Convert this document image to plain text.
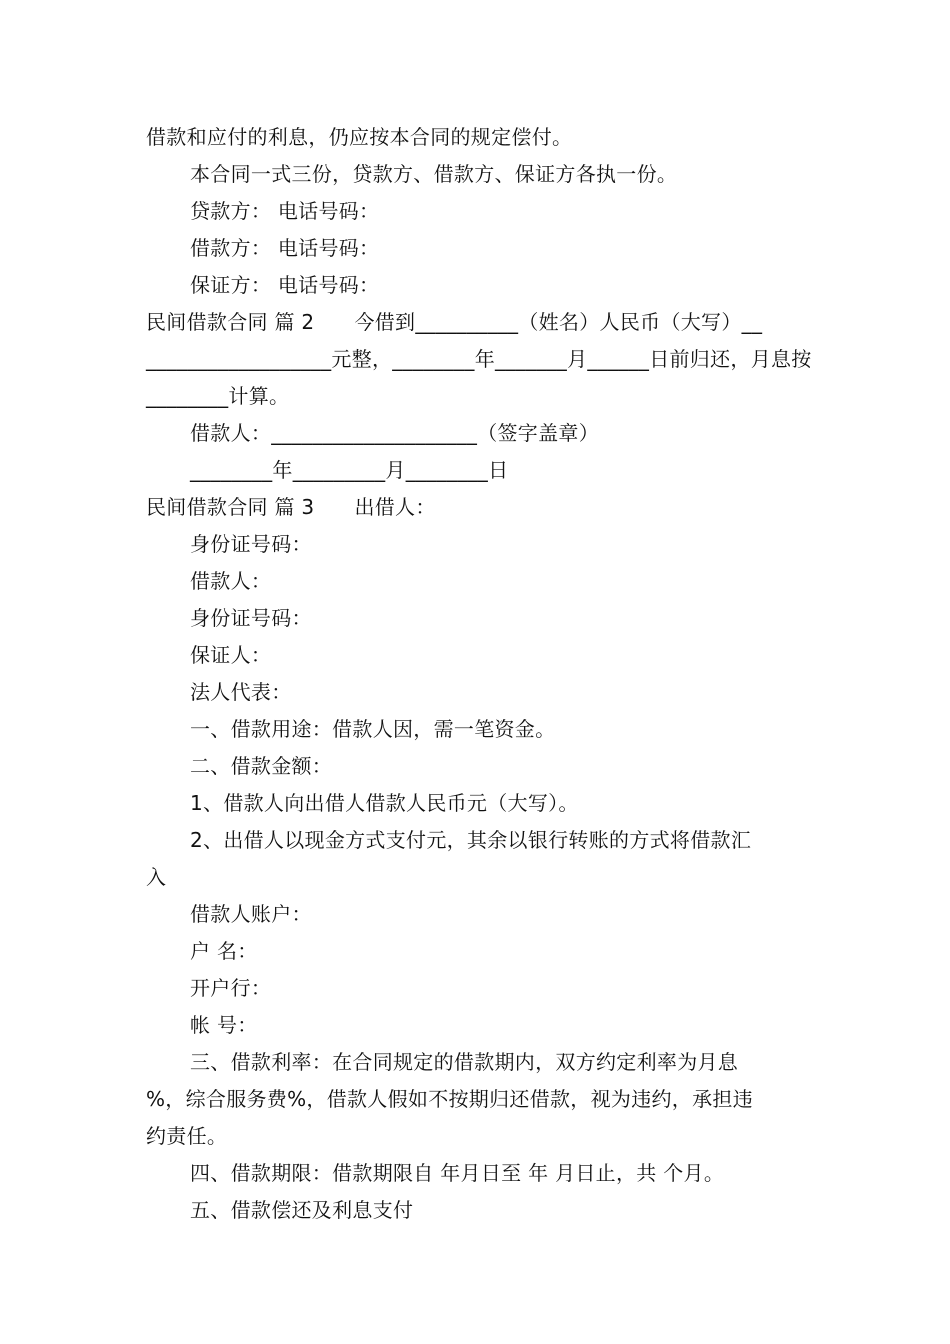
借款和应付的利息，仍应按本合同的规定偿付。
本合同一式三份，贷款方、借款方、保证方各执一份。
贷款方： 电话号码：
借款方： 电话号码：
保证方： 电话号码：
民间借款合同 篇 2 今借到__________（姓名）人民币（大写）__
__________________元整，________年_______月______日前归还，月息按
________计算。
借款人：____________________（签字盖章）
________年_________月________日
民间借款合同 篇 3 出借人：
身份证号码：
借款人：
身份证号码：
保证人：
法人代表：
一、借款用途：借款人因，需一笔资金。
二、借款金额：
1、借款人向出借人借款人民币元（大写）。
2、出借人以现金方式支付元，其余以银行转账的方式将借款汇
入
借款人账户：
户 名：
开户行：
帐 号：
三、借款利率：在合同规定的借款期内，双方约定利率为月息
%，综合服务费%，借款人假如不按期归还借款，视为违约，承担违
约责任。
四、借款期限：借款期限自 年月日至 年 月日止，共 个月。
五、借款偿还及利息支付
